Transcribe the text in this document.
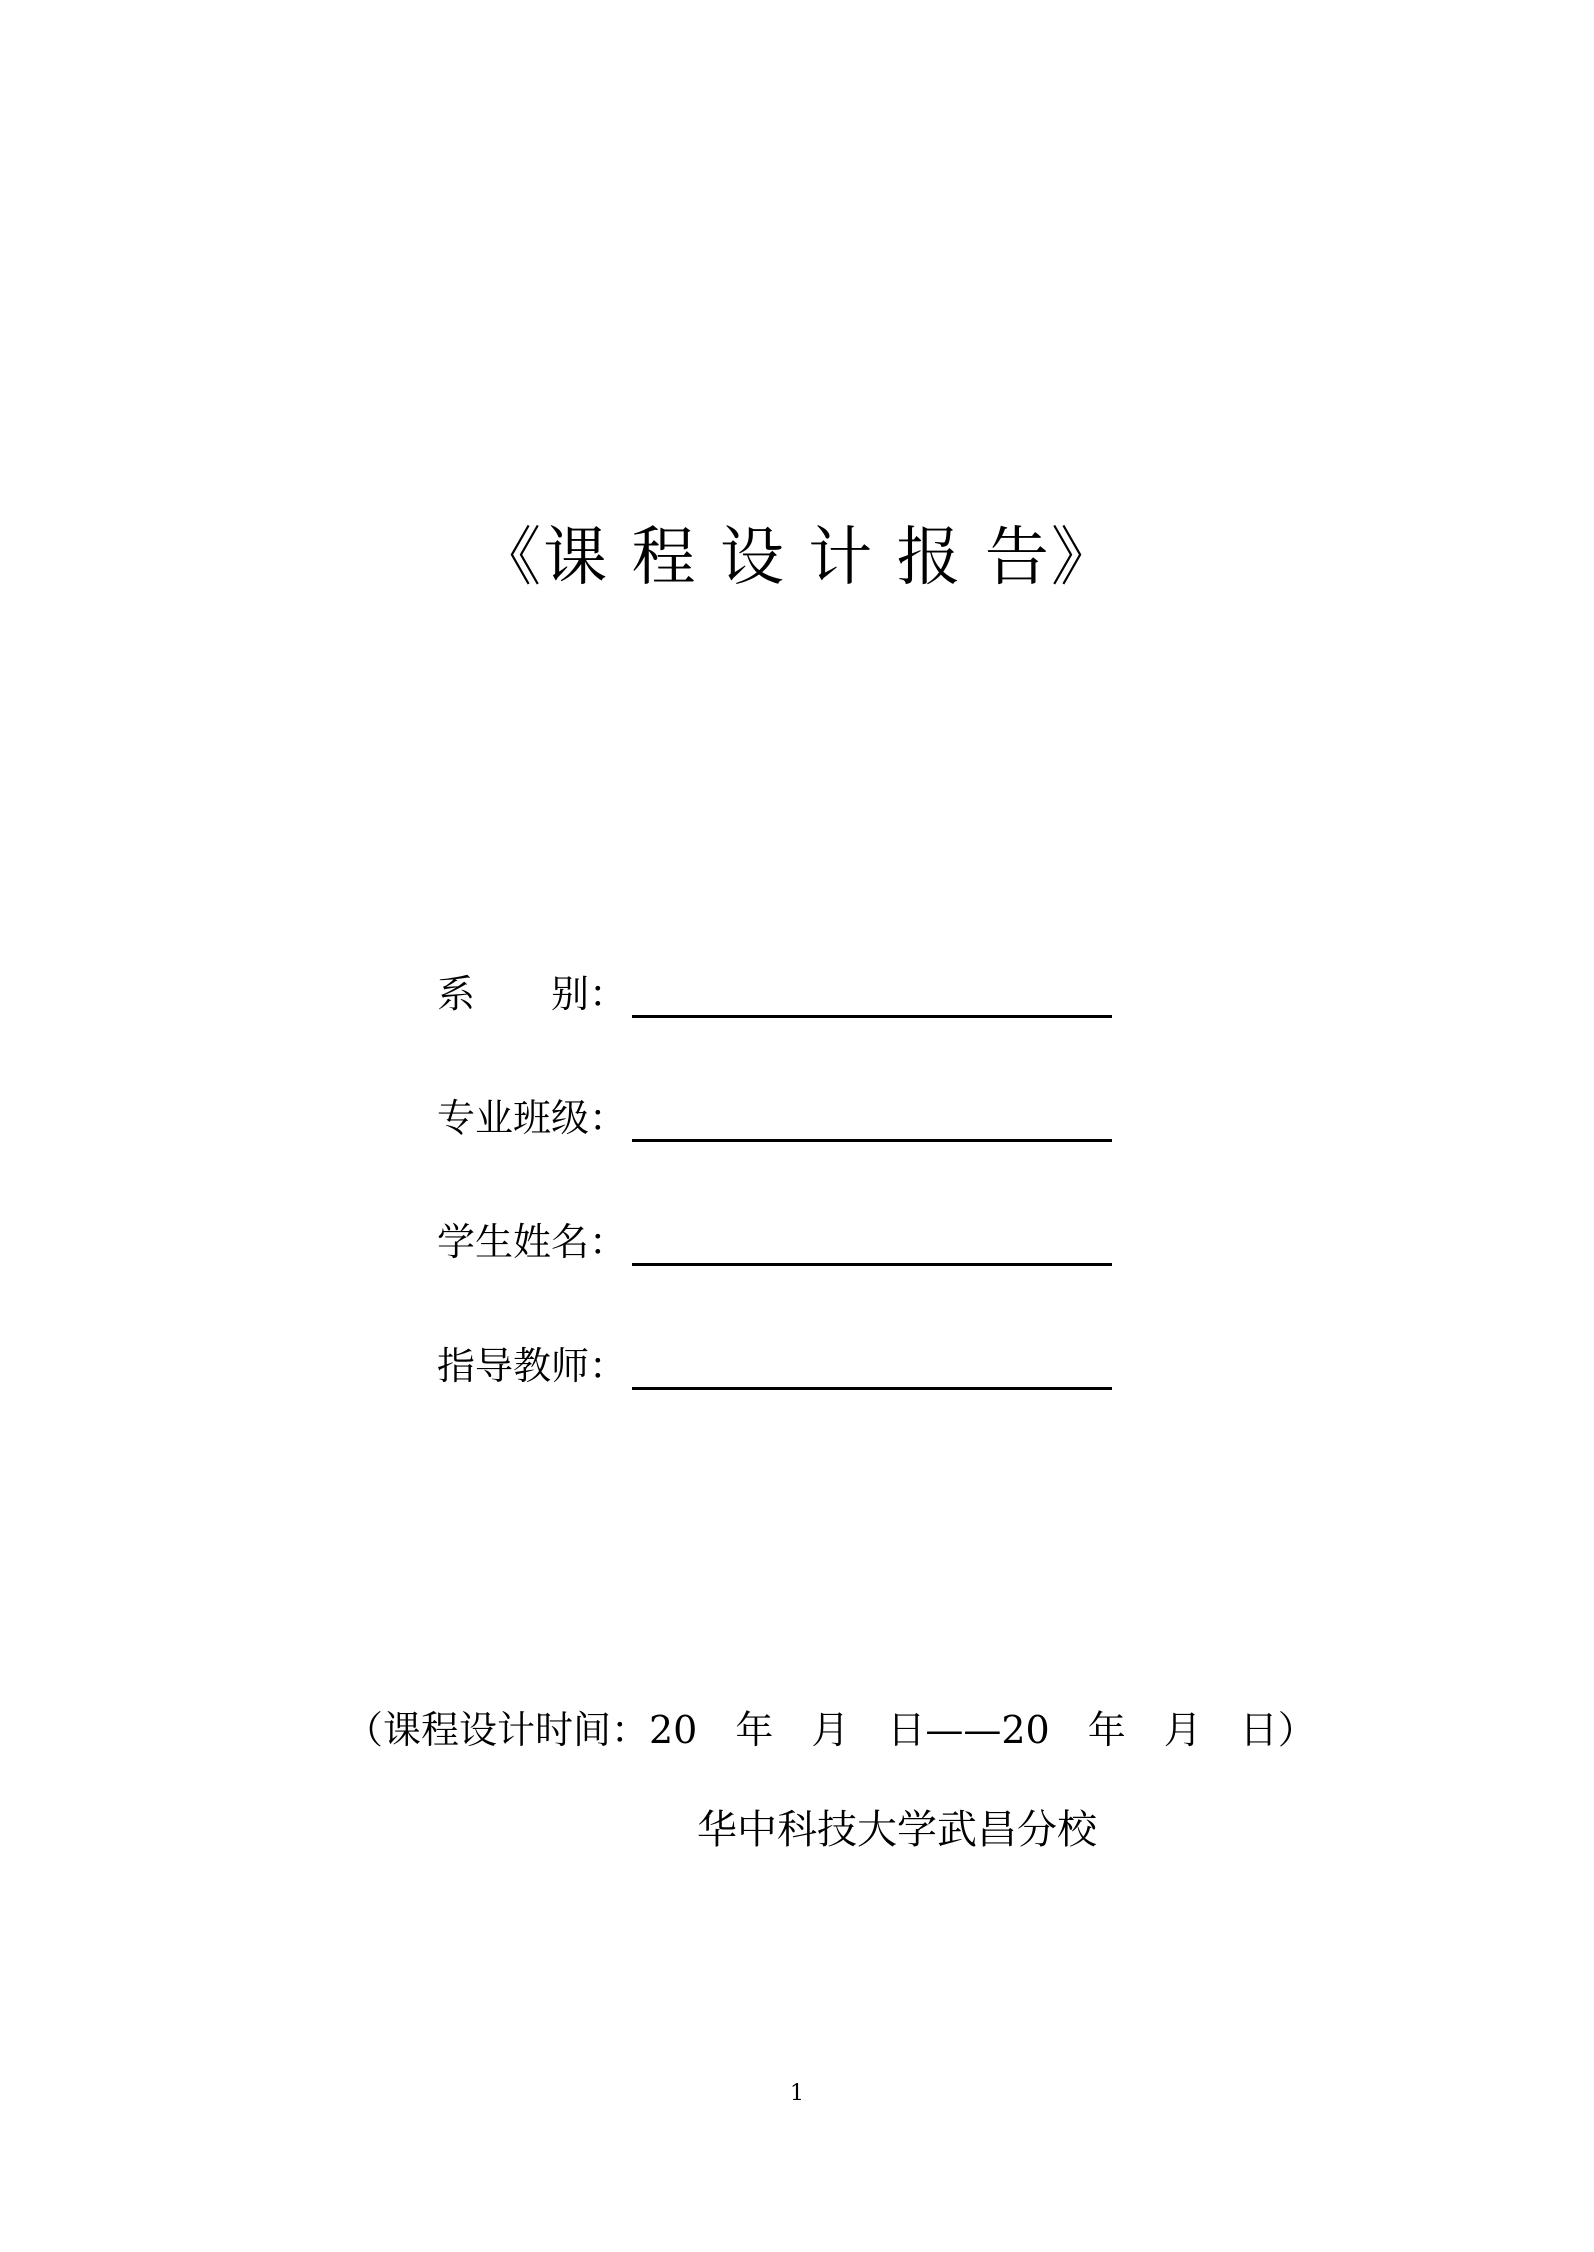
《课 程 设 计 报 告》
系　　别：
专业班级：
学生姓名：
指导教师：
（课程设计时间：20　年　月　日——20　年　月　日）
华中科技大学武昌分校
1
